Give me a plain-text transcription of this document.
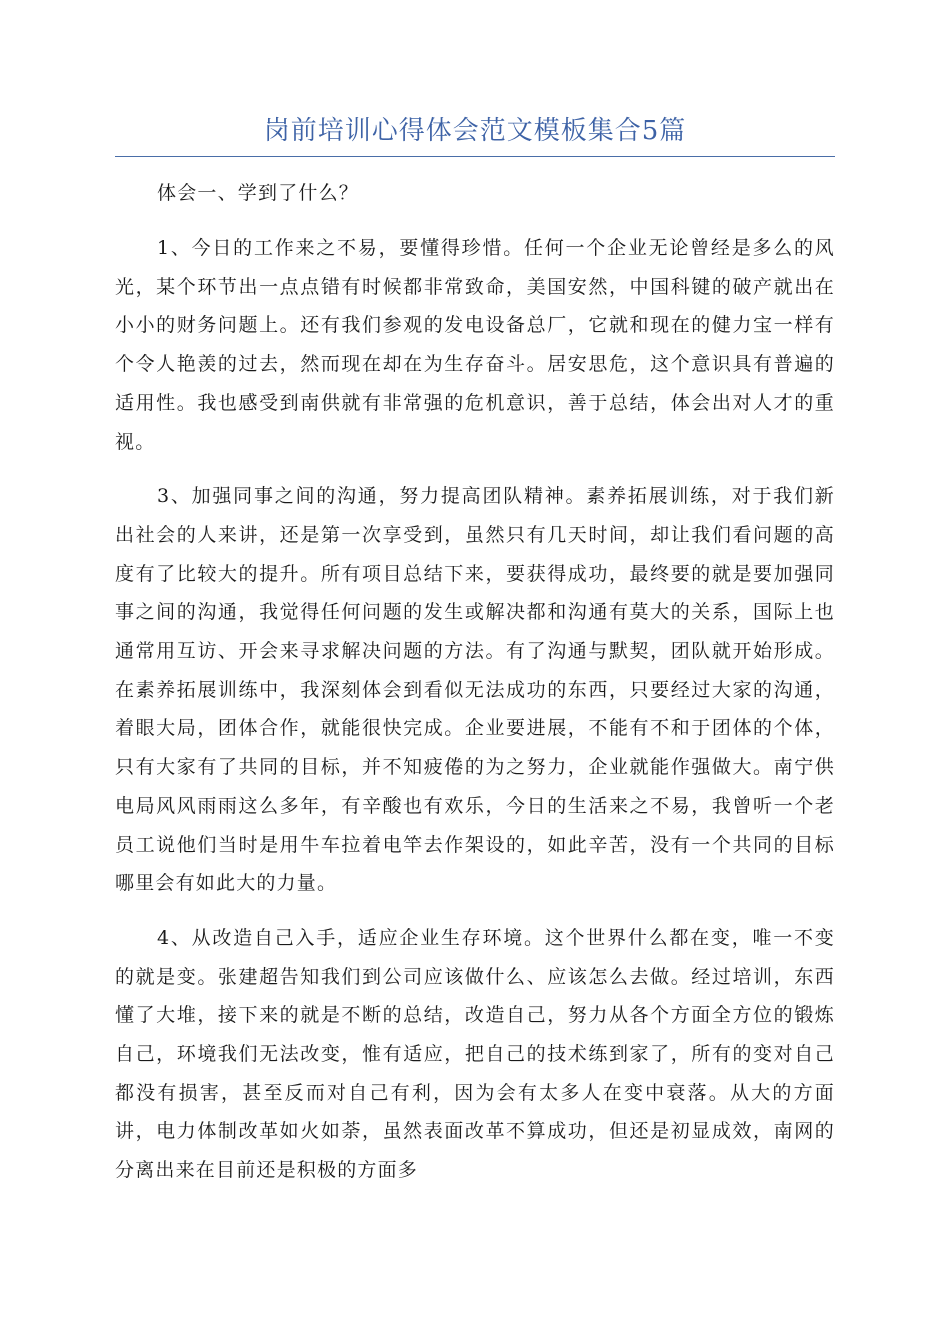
岗前培训心得体会范文模板集合5篇

体会一、学到了什么？

1、今日的工作来之不易，要懂得珍惜。任何一个企业无论曾经是多么的风光，某个环节出一点点错有时候都非常致命，美国安然，中国科键的破产就出在小小的财务问题上。还有我们参观的发电设备总厂，它就和现在的健力宝一样有个令人艳羡的过去，然而现在却在为生存奋斗。居安思危，这个意识具有普遍的适用性。我也感受到南供就有非常强的危机意识，善于总结，体会出对人才的重视。

3、加强同事之间的沟通，努力提高团队精神。素养拓展训练，对于我们新出社会的人来讲，还是第一次享受到，虽然只有几天时间，却让我们看问题的高度有了比较大的提升。所有项目总结下来，要获得成功，最终要的就是要加强同事之间的沟通，我觉得任何问题的发生或解决都和沟通有莫大的关系，国际上也通常用互访、开会来寻求解决问题的方法。有了沟通与默契，团队就开始形成。在素养拓展训练中，我深刻体会到看似无法成功的东西，只要经过大家的沟通，着眼大局，团体合作，就能很快完成。企业要进展，不能有不和于团体的个体，只有大家有了共同的目标，并不知疲倦的为之努力，企业就能作强做大。南宁供电局风风雨雨这么多年，有辛酸也有欢乐，今日的生活来之不易，我曾听一个老员工说他们当时是用牛车拉着电竿去作架设的，如此辛苦，没有一个共同的目标哪里会有如此大的力量。

4、从改造自己入手，适应企业生存环境。这个世界什么都在变，唯一不变的就是变。张建超告知我们到公司应该做什么、应该怎么去做。经过培训，东西懂了大堆，接下来的就是不断的总结，改造自己，努力从各个方面全方位的锻炼自己，环境我们无法改变，惟有适应，把自己的技术练到家了，所有的变对自己都没有损害，甚至反而对自己有利，因为会有太多人在变中衰落。从大的方面讲，电力体制改革如火如荼，虽然表面改革不算成功，但还是初显成效，南网的分离出来在目前还是积极的方面多
